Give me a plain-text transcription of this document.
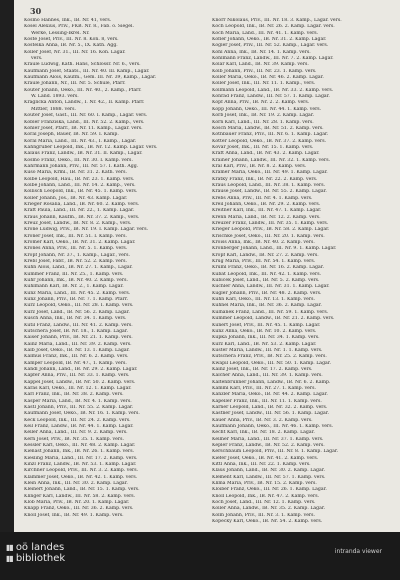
30
Kosmo Hannes, Ink., IB. Nr. 41, vers.
Kosel Alexius, Priv., FKB. Nr. 8., Fab. o. Siegel.
Werke, Lessing-Ikrel. Nr.
Koste Josef, Priv., III. Nr. 8. Kon. 8, vers.
Kostelka Anna, IB. Nr. 5., IX. Kath. Agg.
Koller Josef, Nr. 31., III. Nr. 16. Kon. Lagar.
vers.
Kraule Ludwig, Kath. Hans, Schlossr. Nr. 6., vers.
Kaufmann Josef, Staats., III. Nr. 40. Ill. Kamp., Lagar.
Kaufmann Alois, Kaufm., Gem. III. Nr. 39, Kamp., Lagar.
Kraule Johann, Nr., III. Nr. 5. Schule, Pfarr.
Kouter Johann, Oeko., III. Nr. 40., 2. Kamp., Pfarr.
W. Land. 1893. vers.
Kraglicka Anton, Landw., I. Nr. 42., II. Kamp. Pfarr.
Mittler, 1888. vers.
Kouter Josef, Gast., III. Nr. 60. I. Kamp., Lagar. vers.
Kobler Franziska, Land., III. Nr. 52. 2. Kamp., vers.
Kohler Josef, Pfarr., IB. Nr. 11. Kamp., Lagar. vers.
Koral Joseph, Bauer, IB. Nr. 59. I. Kamp.
Koral Maria, Land., III. Nr. 43., I. Kamp., Lagar.
Kahngruber Leopold, Ink., IB. Nr. 12. Kamp. Lagar. vers.
Kalaus Franz, Landw., IB. Nr. 31. II. Kamp., Lagar.
Kosmo Franz, Oeko., III. Nr. 30. I. Kamp. vers.
Kahrmann Johann, Priv., III. Nr. 57. I. Kath. Agg.
Kuso Maria, Krml., IB. Nr. 31. 2. Kath. vers.
Kolbe Leopold, Hau., IB. Nr. 23. 1. Kamp. vers.
Kolbe Johann, Land., III. Nr. 14. 2. Kamp., vers.
Kollisch Leopold, Ink., IB. Nr. 45. 1. Kamp. vers.
Koller Johann, Jos., IB. Nr. 43. Kamp. Lagar.
Krieger Rosalia, Land., IB. Nr. 60. 2. Kamp. vers.
Kraft Paula, Land., III. Nr. 22., 1. Kamp. Lagar.
Kraus Johann, Kaufm., IB. Nr. 37. 2. Kamp., vers.
Kreuz Josef, Landw., IB. Nr. 8. 2. Kamp., vers.
Krone Ludwig, Priv., IB. Nr. 19. I. Kamp. Lagar. vers.
Kroner Josef, Ink., III. Nr. 51. I. Kamp. vers.
Kromer Karl, Oeko., IB. Nr. 31. 2. Kamp. Lagar.
Krones Anna, Priv., III. Nr. 5. 1. Kamp. vers.
Kropf Johann, Nr. 37., 1. Kamp., Lagar., vers.
Krebl Josef, Fabr., IB. Nr. 52. 2. Kamp. vers.
Kuhn Alois, Land., IB. Nr. 27. 1. Kamp., Lagar.
Kummer Franz, III. Nr. 25., 1. Kamp. vers.
Kuhr Johann, Ink., IB. Nr. 40. 2. Kamp. vers.
Kuhlmann Karl, IB. Nr. 2., 1. Kamp. Lagar.
Kunz Maria, Land., III. Nr. 45. 2. Kamp. vers.
Kunz Johann, Priv., IB. Nr. 7. 1. Kamp. Pfarr.
Kurz Leopold, Oeko., III. Nr. 28. I. Kamp. vers.
Kurz Josef, Land., IB. Nr. 56. 2. Kamp. Lagar.
Kusch Anna, Ink., IB. Nr. 34. 1. Kamp. vers.
Kutil Franz, Landw., III. Nr. 41. 2. Kamp. vers.
Kutschera Josef, IB. Nr. 18., 1. Kamp. Lagar.
Kaiser Johann, Priv., IB. Nr. 21. 1. Kamp. vers.
Kainz Maria, Land., III. Nr. 39. 2. Kamp. vers.
Kalb Josef, Oeko., IB. Nr. 13. 1. Kamp. Lagar.
Kalmus Franz, Ink., III. Nr. 6. 2. Kamp. vers.
Kamper Leopold, IB. Nr. 47., 1. Kamp. vers.
Kandl Johann, Land., IB. Nr. 29. 2. Kamp. Lagar.
Kapfer Anna, Priv., III. Nr. 33. 1. Kamp. vers.
Kappel Josef, Landw., IB. Nr. 50. 2. Kamp. vers.
Karas Karl, Oeko., III. Nr. 12. 1. Kamp. Lagar.
Karl Franz, Ink., IB. Nr. 38. 2. Kamp. vers.
Kasper Maria, Land., IB. Nr. 4. 1. Kamp. vers.
Kastl Johann, Priv., III. Nr. 55. 2. Kamp. Lagar.
Kaufmann Josef, Oeko., IB. Nr. 16. 1. Kamp. vers.
Keck Leopold, Ink., III. Nr. 24. 2. Kamp. vers.
Keil Franz, Landw., IB. Nr. 44. 1. Kamp. Lagar.
Keller Anna, Land., III. Nr. 9. 2. Kamp. vers.
Kern Josef, Priv., IB. Nr. 35. 1. Kamp. vers.
Kessler Karl, Oeko., III. Nr. 48. 2. Kamp. Lagar.
Kienast Johann, Ink., IB. Nr. 26. 1. Kamp. vers.
Kiesling Maria, Land., III. Nr. 17. 2. Kamp. vers.
Kinzl Franz, Landw., IB. Nr. 53. 1. Kamp. Lagar.
Kirchner Leopold, Priv., III. Nr. 3. 2. Kamp. vers.
Klammer Josef, Oeko., IB. Nr. 42. 1. Kamp. vers.
Klein Anna, Ink., III. Nr. 30. 2. Kamp. Lagar.
Kleinert Johann, Land., IB. Nr. 15. 1. Kamp. vers.
Klinger Karl, Landw., III. Nr. 58. 2. Kamp. vers.
Klob Maria, Priv., IB. Nr. 20. 1. Kamp. Lagar.
Knapp Franz, Oeko., III. Nr. 36. 2. Kamp. vers.
Knoll Josef, Ink., IB. Nr. 49. 1. Kamp. vers.
Knorr Nikolaus, Priv., III. Nr. 18. 3. Kamp., Lagar. vers.
Koch Leopold, Ink., IB. Nr. 26. 2. Kamp. Lagar. vers.
Koch Maria, Land., III. Nr. 41. 1. Kamp. vers.
Kofler Johann, Oeko., IB. Nr. 31. 2. Kamp. Lagar.
Kogler Josef, Priv., III. Nr. 52. Kamp., Lagar. vers.
Kohl Anna, Ink., IB. Nr. 14. 1. Kamp. vers.
Kohlmann Franz, Landw., III. Nr. 7. 2. Kamp. Lagar.
Kolar Karl, Land., IB. Nr. 39. Kamp. vers.
Kolb Johann, Priv., III. Nr. 23. 1. Kamp. vers.
Koller Maria, Oeko., IB. Nr. 46. 2. Kamp. Lagar.
Koller Josef, Ink., III. Nr. 11. 1. Kamp., vers.
Kollmann Leopold, Land., IB. Nr. 33. 2. Kamp. vers.
Konrad Franz, Landw., III. Nr. 57. 1. Kamp. Lagar.
Kopf Anna, Priv., IB. Nr. 2. 2. Kamp. vers.
Kopp Johann, Oeko., III. Nr. 44. 1. Kamp. vers.
Korb Josef, Ink., IB. Nr. 19. 2. Kamp. Lagar.
Korn Karl, Land., III. Nr. 28. 1. Kamp. vers.
Kosch Maria, Landw., IB. Nr. 51. 2. Kamp. vers.
Kothbauer Franz, Priv., III. Nr. 6. 1. Kamp. Lagar.
Kotter Leopold, Oeko., IB. Nr. 37. 2. Kamp. vers.
Kovar Josef, Ink., III. Nr. 15. 1. Kamp. vers.
Kraft Anna, Land., IB. Nr. 43. 2. Kamp. Lagar.
Krainer Johann, Landw., III. Nr. 32. 1. Kamp. vers.
Kral Karl, Priv., IB. Nr. 8. 2. Kamp. vers.
Kramer Maria, Oeko., III. Nr. 49. 1. Kamp. Lagar.
Kratky Franz, Ink., IB. Nr. 22. 2. Kamp. vers.
Kraus Leopold, Land., III. Nr. 38. 1. Kamp. vers.
Krause Josef, Landw., IB. Nr. 55. 2. Kamp. Lagar.
Krebs Anna, Priv., III. Nr. 4. 1. Kamp. vers.
Kreil Johann, Oeko., IB. Nr. 29. 2. Kamp. vers.
Kreitner Karl, Ink., III. Nr. 47. 1. Kamp. Lagar.
Krenn Maria, Land., IB. Nr. 12. 2. Kamp. vers.
Kreuzer Franz, Landw., III. Nr. 35. 1. Kamp. vers.
Krieger Leopold, Priv., IB. Nr. 58. 2. Kamp. Lagar.
Krischke Josef, Oeko., III. Nr. 20. 1. Kamp. vers.
Kroiss Anna, Ink., IB. Nr. 40. 2. Kamp. vers.
Kronberger Johann, Land., III. Nr. 9. 1. Kamp. Lagar.
Kropf Karl, Landw., IB. Nr. 27. 2. Kamp. vers.
Krug Maria, Priv., III. Nr. 54. 1. Kamp. vers.
Kruml Franz, Oeko., IB. Nr. 16. 2. Kamp. Lagar.
Kubat Leopold, Ink., III. Nr. 42. 1. Kamp. vers.
Kubicek Josef, Land., IB. Nr. 5. 2. Kamp. vers.
Kuchler Anna, Landw., III. Nr. 31. 1. Kamp. Lagar.
Kugler Johann, Priv., IB. Nr. 48. 2. Kamp. vers.
Kuhn Karl, Oeko., III. Nr. 13. 1. Kamp. vers.
Kuhnel Maria, Ink., IB. Nr. 36. 2. Kamp. Lagar.
Kulhanek Franz, Land., III. Nr. 59. 1. Kamp. vers.
Kummer Leopold, Landw., IB. Nr. 21. 2. Kamp. vers.
Kunert Josef, Priv., III. Nr. 45. 1. Kamp. Lagar.
Kunz Anna, Oeko., IB. Nr. 10. 2. Kamp. vers.
Kupka Johann, Ink., III. Nr. 34. 1. Kamp. vers.
Kurz Karl, Land., IB. Nr. 53. 2. Kamp. Lagar.
Kuster Maria, Landw., III. Nr. 1. 1. Kamp. vers.
Kutschera Franz, Priv., IB. Nr. 25. 2. Kamp. vers.
Kwapil Leopold, Oeko., III. Nr. 50. 1. Kamp. Lagar.
Kainz Josef, Ink., IB. Nr. 17. 2. Kamp. vers.
Kalcher Anna, Land., III. Nr. 39. 1. Kamp. vers.
Kaltenbrunner Johann, Landw., IB. Nr. 6. 2. Kamp.
Kamml Karl, Priv., III. Nr. 27. 1. Kamp. vers.
Kanzler Maria, Oeko., IB. Nr. 44. 2. Kamp. Lagar.
Kapeller Franz, Ink., III. Nr. 11. 1. Kamp. vers.
Karner Leopold, Land., IB. Nr. 32. 2. Kamp. vers.
Kastner Josef, Landw., III. Nr. 56. 1. Kamp. Lagar.
Kauer Anna, Priv., IB. Nr. 3. 2. Kamp. vers.
Kaufmann Johann, Oeko., III. Nr. 46. 1. Kamp. vers.
Kecht Karl, Ink., IB. Nr. 18. 2. Kamp. Lagar.
Kellner Maria, Land., III. Nr. 37. 1. Kamp. vers.
Kepler Franz, Landw., IB. Nr. 52. 2. Kamp. vers.
Kerschbaum Leopold, Priv., III. Nr. 8. 1. Kamp. Lagar.
Kiefer Josef, Oeko., IB. Nr. 41. 2. Kamp. vers.
Kittl Anna, Ink., III. Nr. 22. 1. Kamp. vers.
Klaus Johann, Land., IB. Nr. 30. 2. Kamp. Lagar.
Klement Karl, Landw., III. Nr. 57. 1. Kamp. vers.
Klima Maria, Priv., IB. Nr. 15. 2. Kamp. vers.
Kloiber Franz, Oeko., III. Nr. 26. 1. Kamp. Lagar.
Knoll Leopold, Ink., IB. Nr. 47. 2. Kamp. vers.
Koch Josef, Land., III. Nr. 12. 1. Kamp. vers.
Koller Anna, Landw., IB. Nr. 35. 2. Kamp. Lagar.
Kolm Johann, Priv., III. Nr. 3. 1. Kamp. vers.
Kopecky Karl, Oeko., IB. Nr. 54. 2. Kamp. vers.
▮▮ oö landes
▮▮ bibliothek
intranda viewer
